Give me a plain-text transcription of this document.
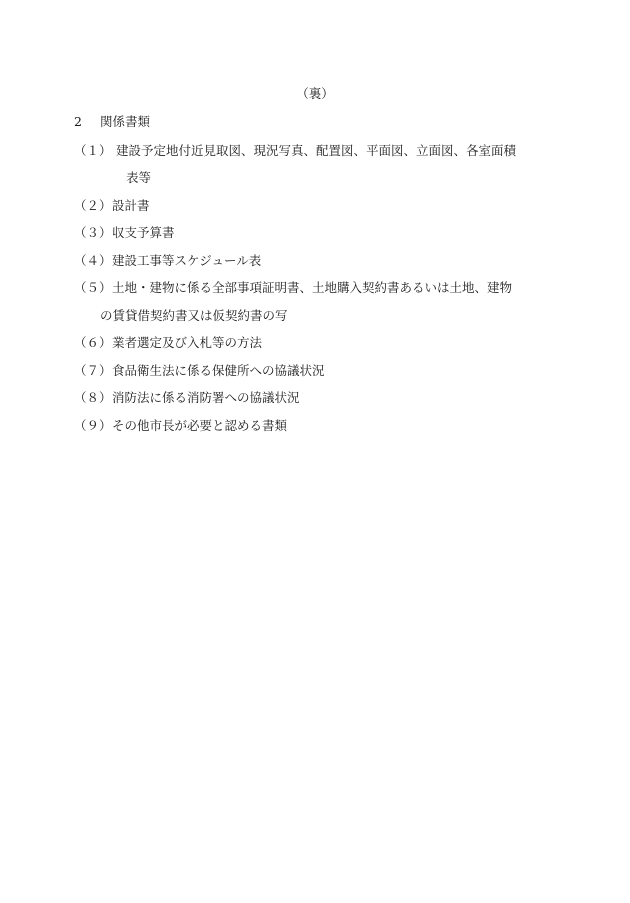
（裏）
2 関係書類
（１） 建設予定地付近見取図、現況写真、配置図、平面図、立面図、各室面積
表等
（２）設計書
（３）収支予算書
（４）建設工事等スケジュール表
（５）土地・建物に係る全部事項証明書、土地購入契約書あるいは土地、建物
の賃貸借契約書又は仮契約書の写
（６）業者選定及び入札等の方法
（７）食品衛生法に係る保健所への協議状況
（８）消防法に係る消防署への協議状況
（９）その他市長が必要と認める書類
